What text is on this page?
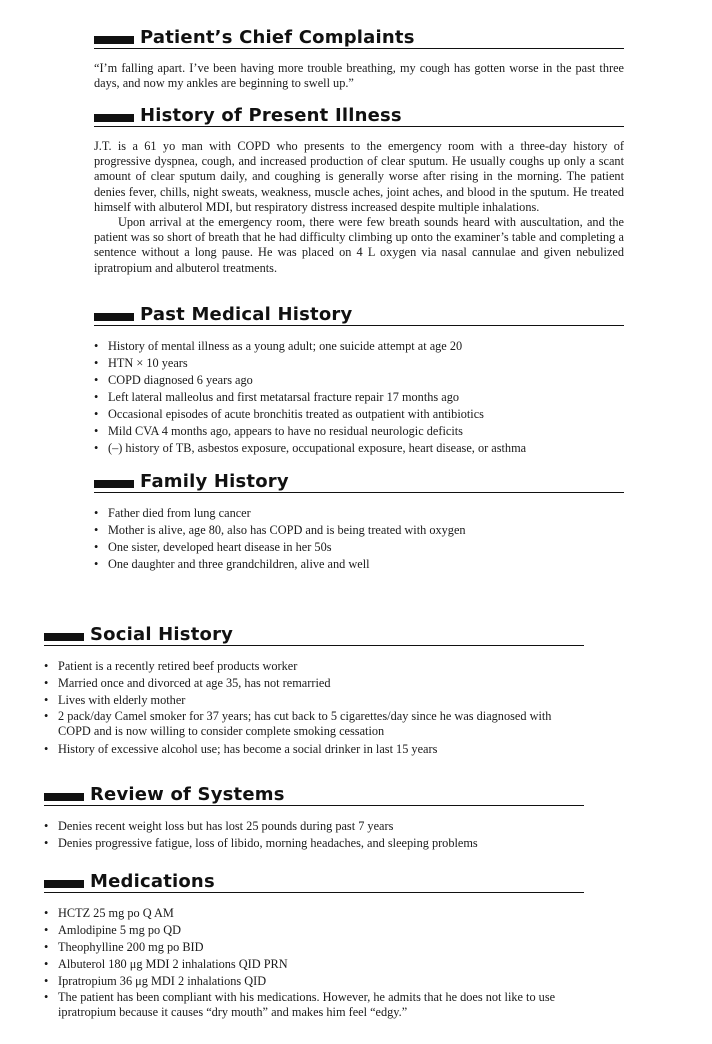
Patient’s Chief Complaints

“I’m falling apart. I’ve been having more trouble breathing, my cough has gotten worse in the past three days, and now my ankles are beginning to swell up.”

History of Present Illness

J.T. is a 61 yo man with COPD who presents to the emergency room with a three-day history of progressive dyspnea, cough, and increased production of clear sputum. He usually coughs up only a scant amount of clear sputum daily, and coughing is generally worse after rising in the morning. The patient denies fever, chills, night sweats, weakness, muscle aches, joint aches, and blood in the sputum. He treated himself with albuterol MDI, but respiratory distress increased despite multiple inhalations.

Upon arrival at the emergency room, there were few breath sounds heard with auscultation, and the patient was so short of breath that he had difficulty climbing up onto the examiner’s table and completing a sentence without a long pause. He was placed on 4 L oxygen via nasal cannulae and given nebulized ipratropium and albuterol treatments.

Past Medical History
• History of mental illness as a young adult; one suicide attempt at age 20
• HTN × 10 years
• COPD diagnosed 6 years ago
• Left lateral malleolus and first metatarsal fracture repair 17 months ago
• Occasional episodes of acute bronchitis treated as outpatient with antibiotics
• Mild CVA 4 months ago, appears to have no residual neurologic deficits
• (–) history of TB, asbestos exposure, occupational exposure, heart disease, or asthma
Family History
• Father died from lung cancer
• Mother is alive, age 80, also has COPD and is being treated with oxygen
• One sister, developed heart disease in her 50s
• One daughter and three grandchildren, alive and well
Social History
• Patient is a recently retired beef products worker
• Married once and divorced at age 35, has not remarried
• Lives with elderly mother
• 2 pack/day Camel smoker for 37 years; has cut back to 5 cigarettes/day since he was diagnosed with COPD and is now willing to consider complete smoking cessation
• History of excessive alcohol use; has become a social drinker in last 15 years
Review of Systems
• Denies recent weight loss but has lost 25 pounds during past 7 years
• Denies progressive fatigue, loss of libido, morning headaches, and sleeping problems
Medications
• HCTZ 25 mg po Q AM
• Amlodipine 5 mg po QD
• Theophylline 200 mg po BID
• Albuterol 180 μg MDI 2 inhalations QID PRN
• Ipratropium 36 μg MDI 2 inhalations QID
• The patient has been compliant with his medications. However, he admits that he does not like to use ipratropium because it causes “dry mouth” and makes him feel “edgy.”
